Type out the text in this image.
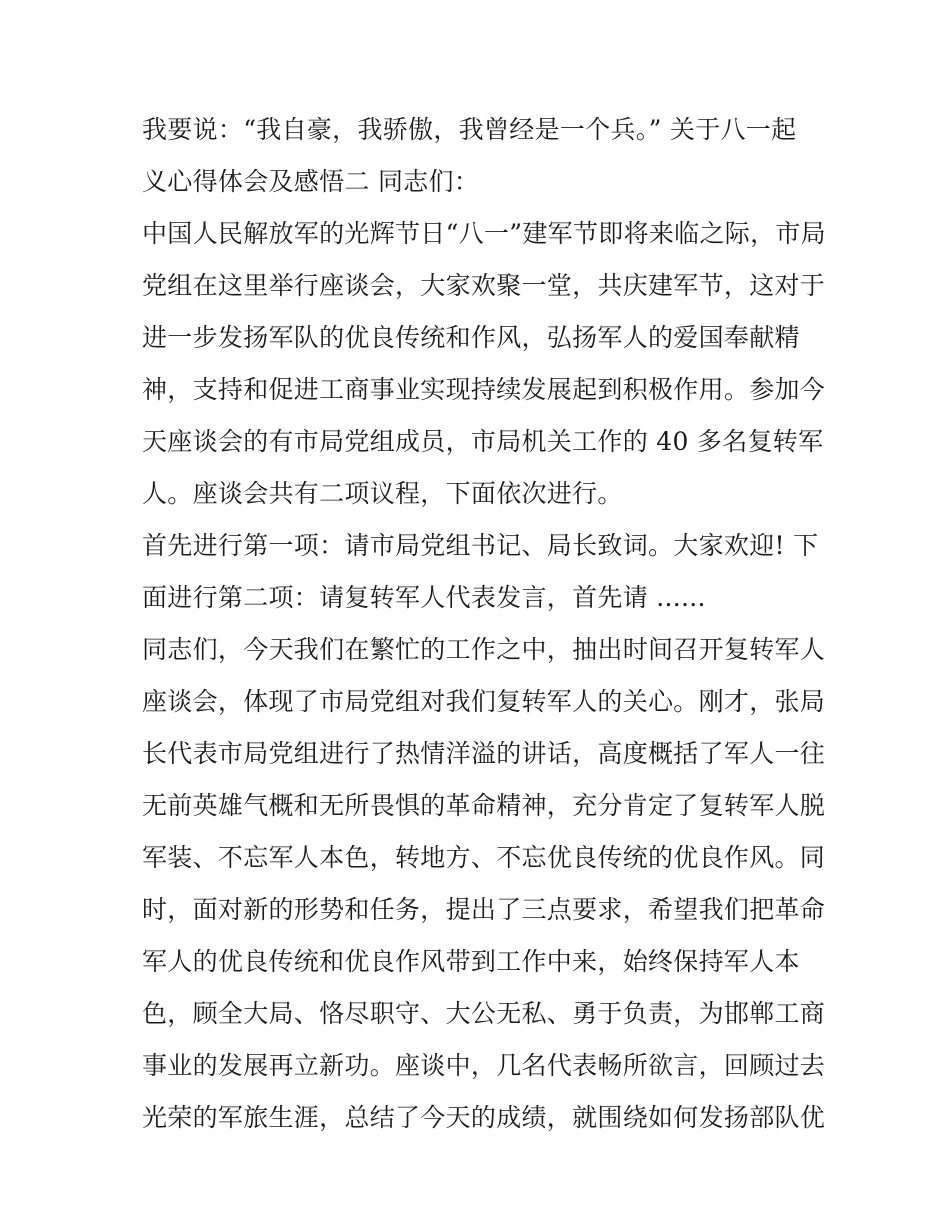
我要说：“我自豪，我骄傲，我曾经是一个兵。” 关于八一起
义心得体会及感悟二 同志们：
中国人民解放军的光辉节日“八一”建军节即将来临之际，市局
党组在这里举行座谈会，大家欢聚一堂，共庆建军节，这对于
进一步发扬军队的优良传统和作风，弘扬军人的爱国奉献精
神，支持和促进工商事业实现持续发展起到积极作用。参加今
天座谈会的有市局党组成员，市局机关工作的 40 多名复转军
人。座谈会共有二项议程，下面依次进行。
首先进行第一项：请市局党组书记、局长致词。大家欢迎! 下
面进行第二项：请复转军人代表发言，首先请 ......
同志们，今天我们在繁忙的工作之中，抽出时间召开复转军人
座谈会，体现了市局党组对我们复转军人的关心。刚才，张局
长代表市局党组进行了热情洋溢的讲话，高度概括了军人一往
无前英雄气概和无所畏惧的革命精神，充分肯定了复转军人脱
军装、不忘军人本色，转地方、不忘优良传统的优良作风。同
时，面对新的形势和任务，提出了三点要求，希望我们把革命
军人的优良传统和优良作风带到工作中来，始终保持军人本
色，顾全大局、恪尽职守、大公无私、勇于负责，为邯郸工商
事业的发展再立新功。座谈中，几名代表畅所欲言，回顾过去
光荣的军旅生涯，总结了今天的成绩，就围绕如何发扬部队优
